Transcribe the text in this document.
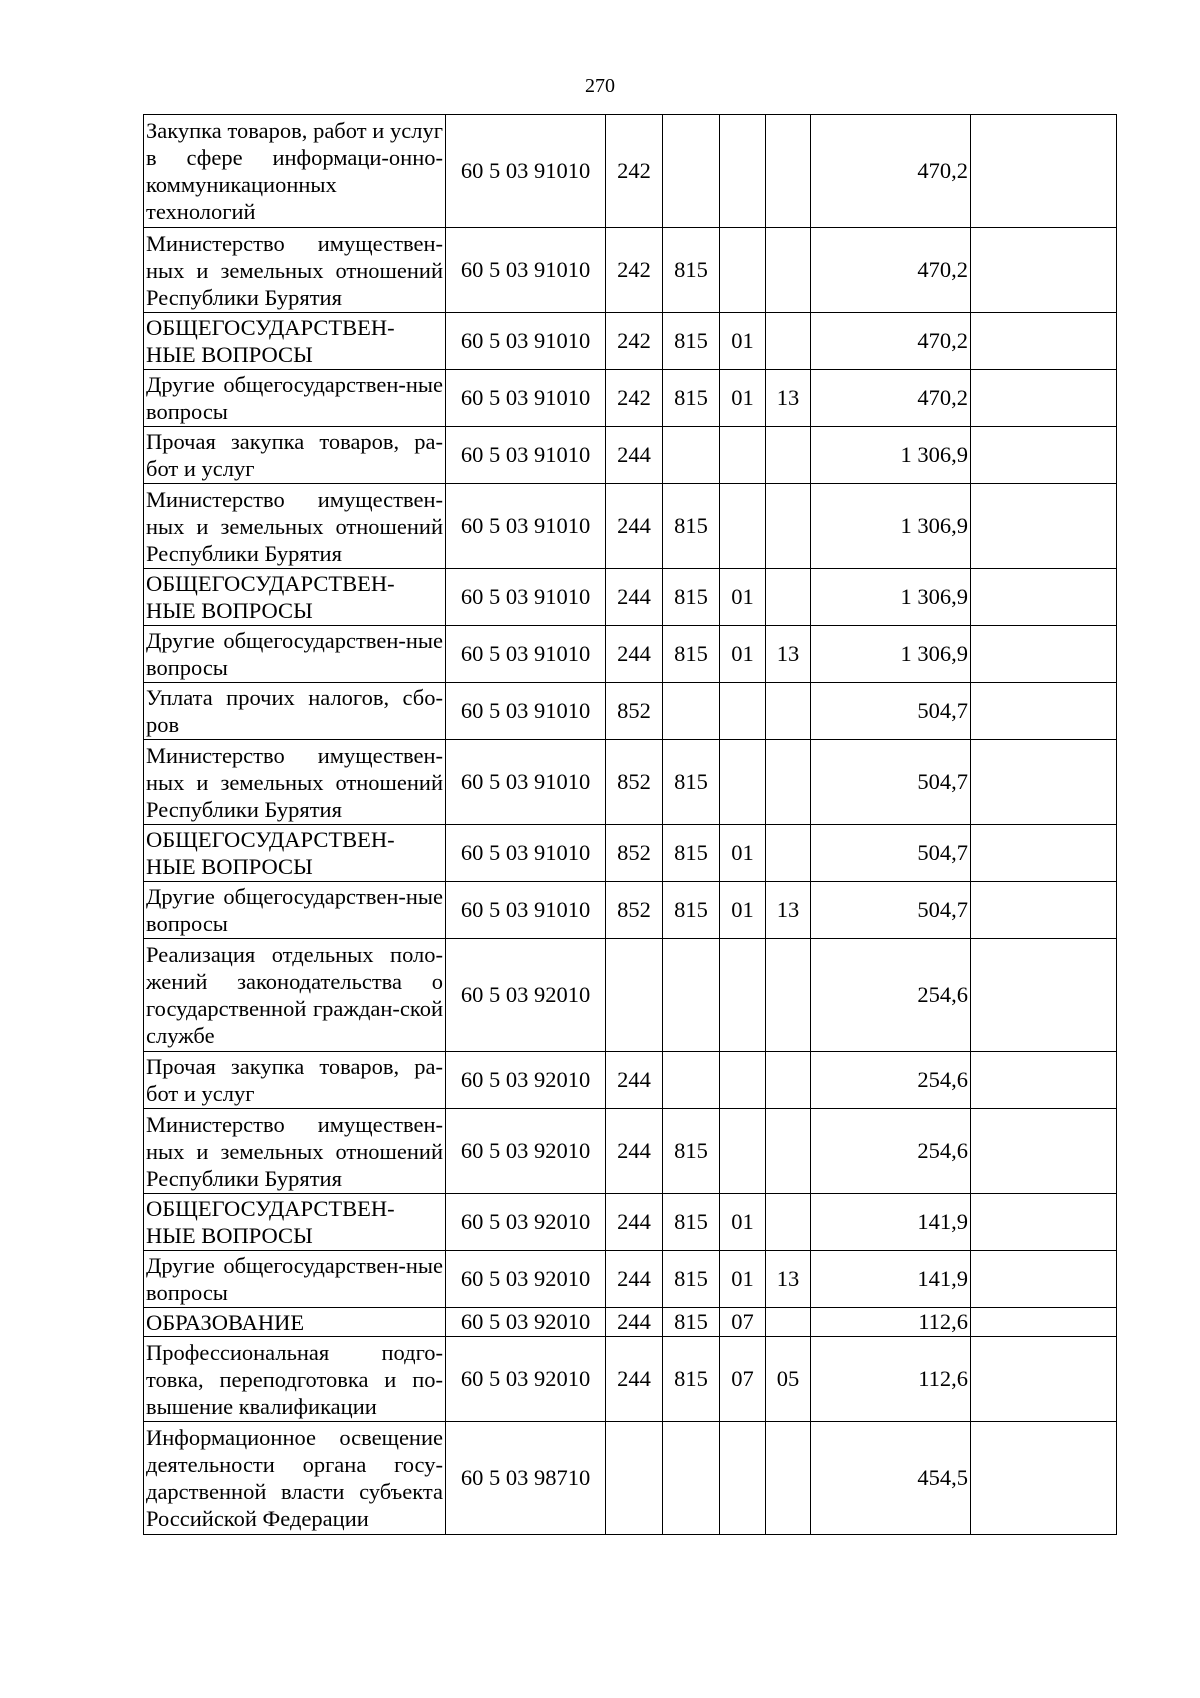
270
Закупка товаров, работ и услуг в сфере информаци-онно-коммуникационных технологий	60 5 03 91010	242				470,2	
Министерство имуществен-ных и земельных отношений Республики Бурятия	60 5 03 91010	242	815			470,2	
ОБЩЕГОСУДАРСТВЕН-НЫЕ ВОПРОСЫ	60 5 03 91010	242	815	01		470,2	
Другие общегосударствен-ные вопросы	60 5 03 91010	242	815	01	13	470,2	
Прочая закупка товаров, ра-бот и услуг	60 5 03 91010	244				1 306,9	
Министерство имуществен-ных и земельных отношений Республики Бурятия	60 5 03 91010	244	815			1 306,9	
ОБЩЕГОСУДАРСТВЕН-НЫЕ ВОПРОСЫ	60 5 03 91010	244	815	01		1 306,9	
Другие общегосударствен-ные вопросы	60 5 03 91010	244	815	01	13	1 306,9	
Уплата прочих налогов, сбо-ров	60 5 03 91010	852				504,7	
Министерство имуществен-ных и земельных отношений Республики Бурятия	60 5 03 91010	852	815			504,7	
ОБЩЕГОСУДАРСТВЕН-НЫЕ ВОПРОСЫ	60 5 03 91010	852	815	01		504,7	
Другие общегосударствен-ные вопросы	60 5 03 91010	852	815	01	13	504,7	
Реализация отдельных поло-жений законодательства о государственной граждан-ской службе	60 5 03 92010					254,6	
Прочая закупка товаров, ра-бот и услуг	60 5 03 92010	244				254,6	
Министерство имуществен-ных и земельных отношений Республики Бурятия	60 5 03 92010	244	815			254,6	
ОБЩЕГОСУДАРСТВЕН-НЫЕ ВОПРОСЫ	60 5 03 92010	244	815	01		141,9	
Другие общегосударствен-ные вопросы	60 5 03 92010	244	815	01	13	141,9	
ОБРАЗОВАНИЕ	60 5 03 92010	244	815	07		112,6	
Профессиональная подго-товка, переподготовка и по-вышение квалификации	60 5 03 92010	244	815	07	05	112,6	
Информационное освещение деятельности органа госу-дарственной власти субъекта Российской Федерации	60 5 03 98710					454,5	
